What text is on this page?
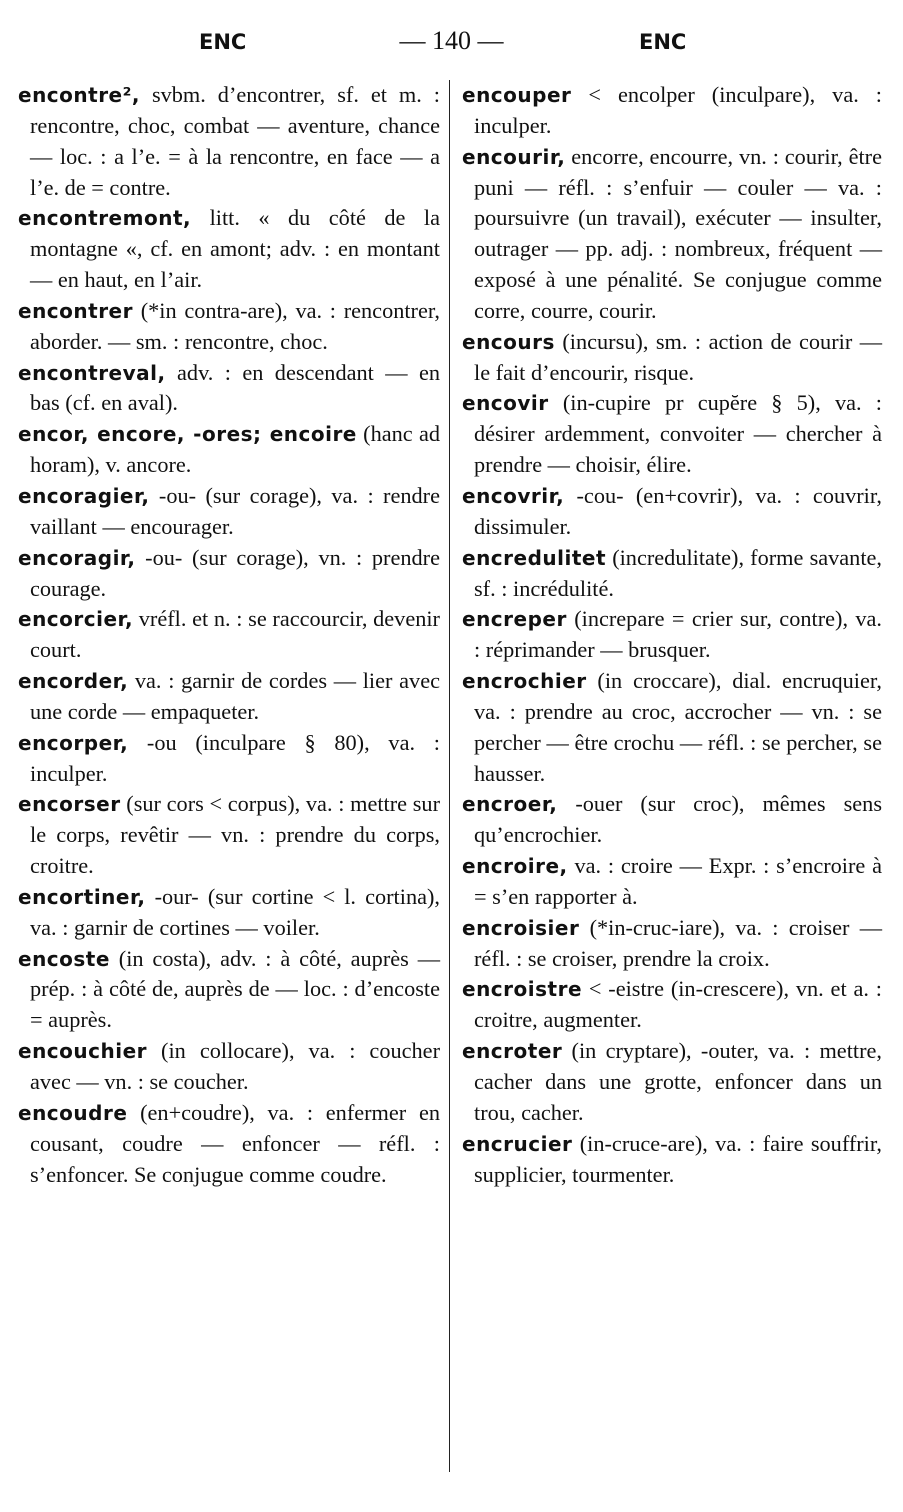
ENC	— 140 —	ENC

encontre², svbm. d’encontrer, sf. et m. : rencontre, choc, combat — aventure, chance — loc. : a l’e. = à la rencontre, en face — a l’e. de = contre.

encontremont, litt. « du côté de la montagne «, cf. en amont; adv. : en montant — en haut, en l’air.

encontrer (*in contra-are), va. : rencontrer, aborder. — sm. : rencontre, choc.

encontreval, adv. : en descendant — en bas (cf. en aval).

encor, encore, -ores; encoire (hanc ad horam), v. ancore.

encoragier, -ou- (sur corage), va. : rendre vaillant — encourager.

encoragir, -ou- (sur corage), vn. : prendre courage.

encorcier, vréfl. et n. : se raccourcir, devenir court.

encorder, va. : garnir de cordes — lier avec une corde — empaqueter.

encorper, -ou (inculpare § 80), va. : inculper.

encorser (sur cors < corpus), va. : mettre sur le corps, revêtir — vn. : prendre du corps, croitre.

encortiner, -our- (sur cortine < l. cortina), va. : garnir de cortines — voiler.

encoste (in costa), adv. : à côté, auprès — prép. : à côté de, auprès de — loc. : d’encoste = auprès.

encouchier (in collocare), va. : coucher avec — vn. : se coucher.

encoudre (en+coudre), va. : enfermer en cousant, coudre — enfoncer — réfl. : s’enfoncer. Se conjugue comme coudre.

encouper < encolper (inculpare), va. : inculper.

encourir, encorre, encourre, vn. : courir, être puni — réfl. : s’enfuir — couler — va. : poursuivre (un travail), exécuter — insulter, outrager — pp. adj. : nombreux, fréquent — exposé à une pénalité. Se conjugue comme corre, courre, courir.

encours (incursu), sm. : action de courir — le fait d’encourir, risque.

encovir (in-cupire pr cupĕre § 5), va. : désirer ardemment, convoiter — chercher à prendre — choisir, élire.

encovrir, -cou- (en+covrir), va. : couvrir, dissimuler.

encredulitet (incredulitate), forme savante, sf. : incrédulité.

encreper (increpare = crier sur, contre), va. : réprimander — brusquer.

encrochier (in croccare), dial. encruquier, va. : prendre au croc, accrocher — vn. : se percher — être crochu — réfl. : se percher, se hausser.

encroer, -ouer (sur croc), mêmes sens qu’encrochier.

encroire, va. : croire — Expr. : s’encroire à = s’en rapporter à.

encroisier (*in-cruc-iare), va. : croiser — réfl. : se croiser, prendre la croix.

encroistre < -eistre (in-crescere), vn. et a. : croitre, augmenter.

encroter (in cryptare), -outer, va. : mettre, cacher dans une grotte, enfoncer dans un trou, cacher.

encrucier (in-cruce-are), va. : faire souffrir, supplicier, tourmenter.
